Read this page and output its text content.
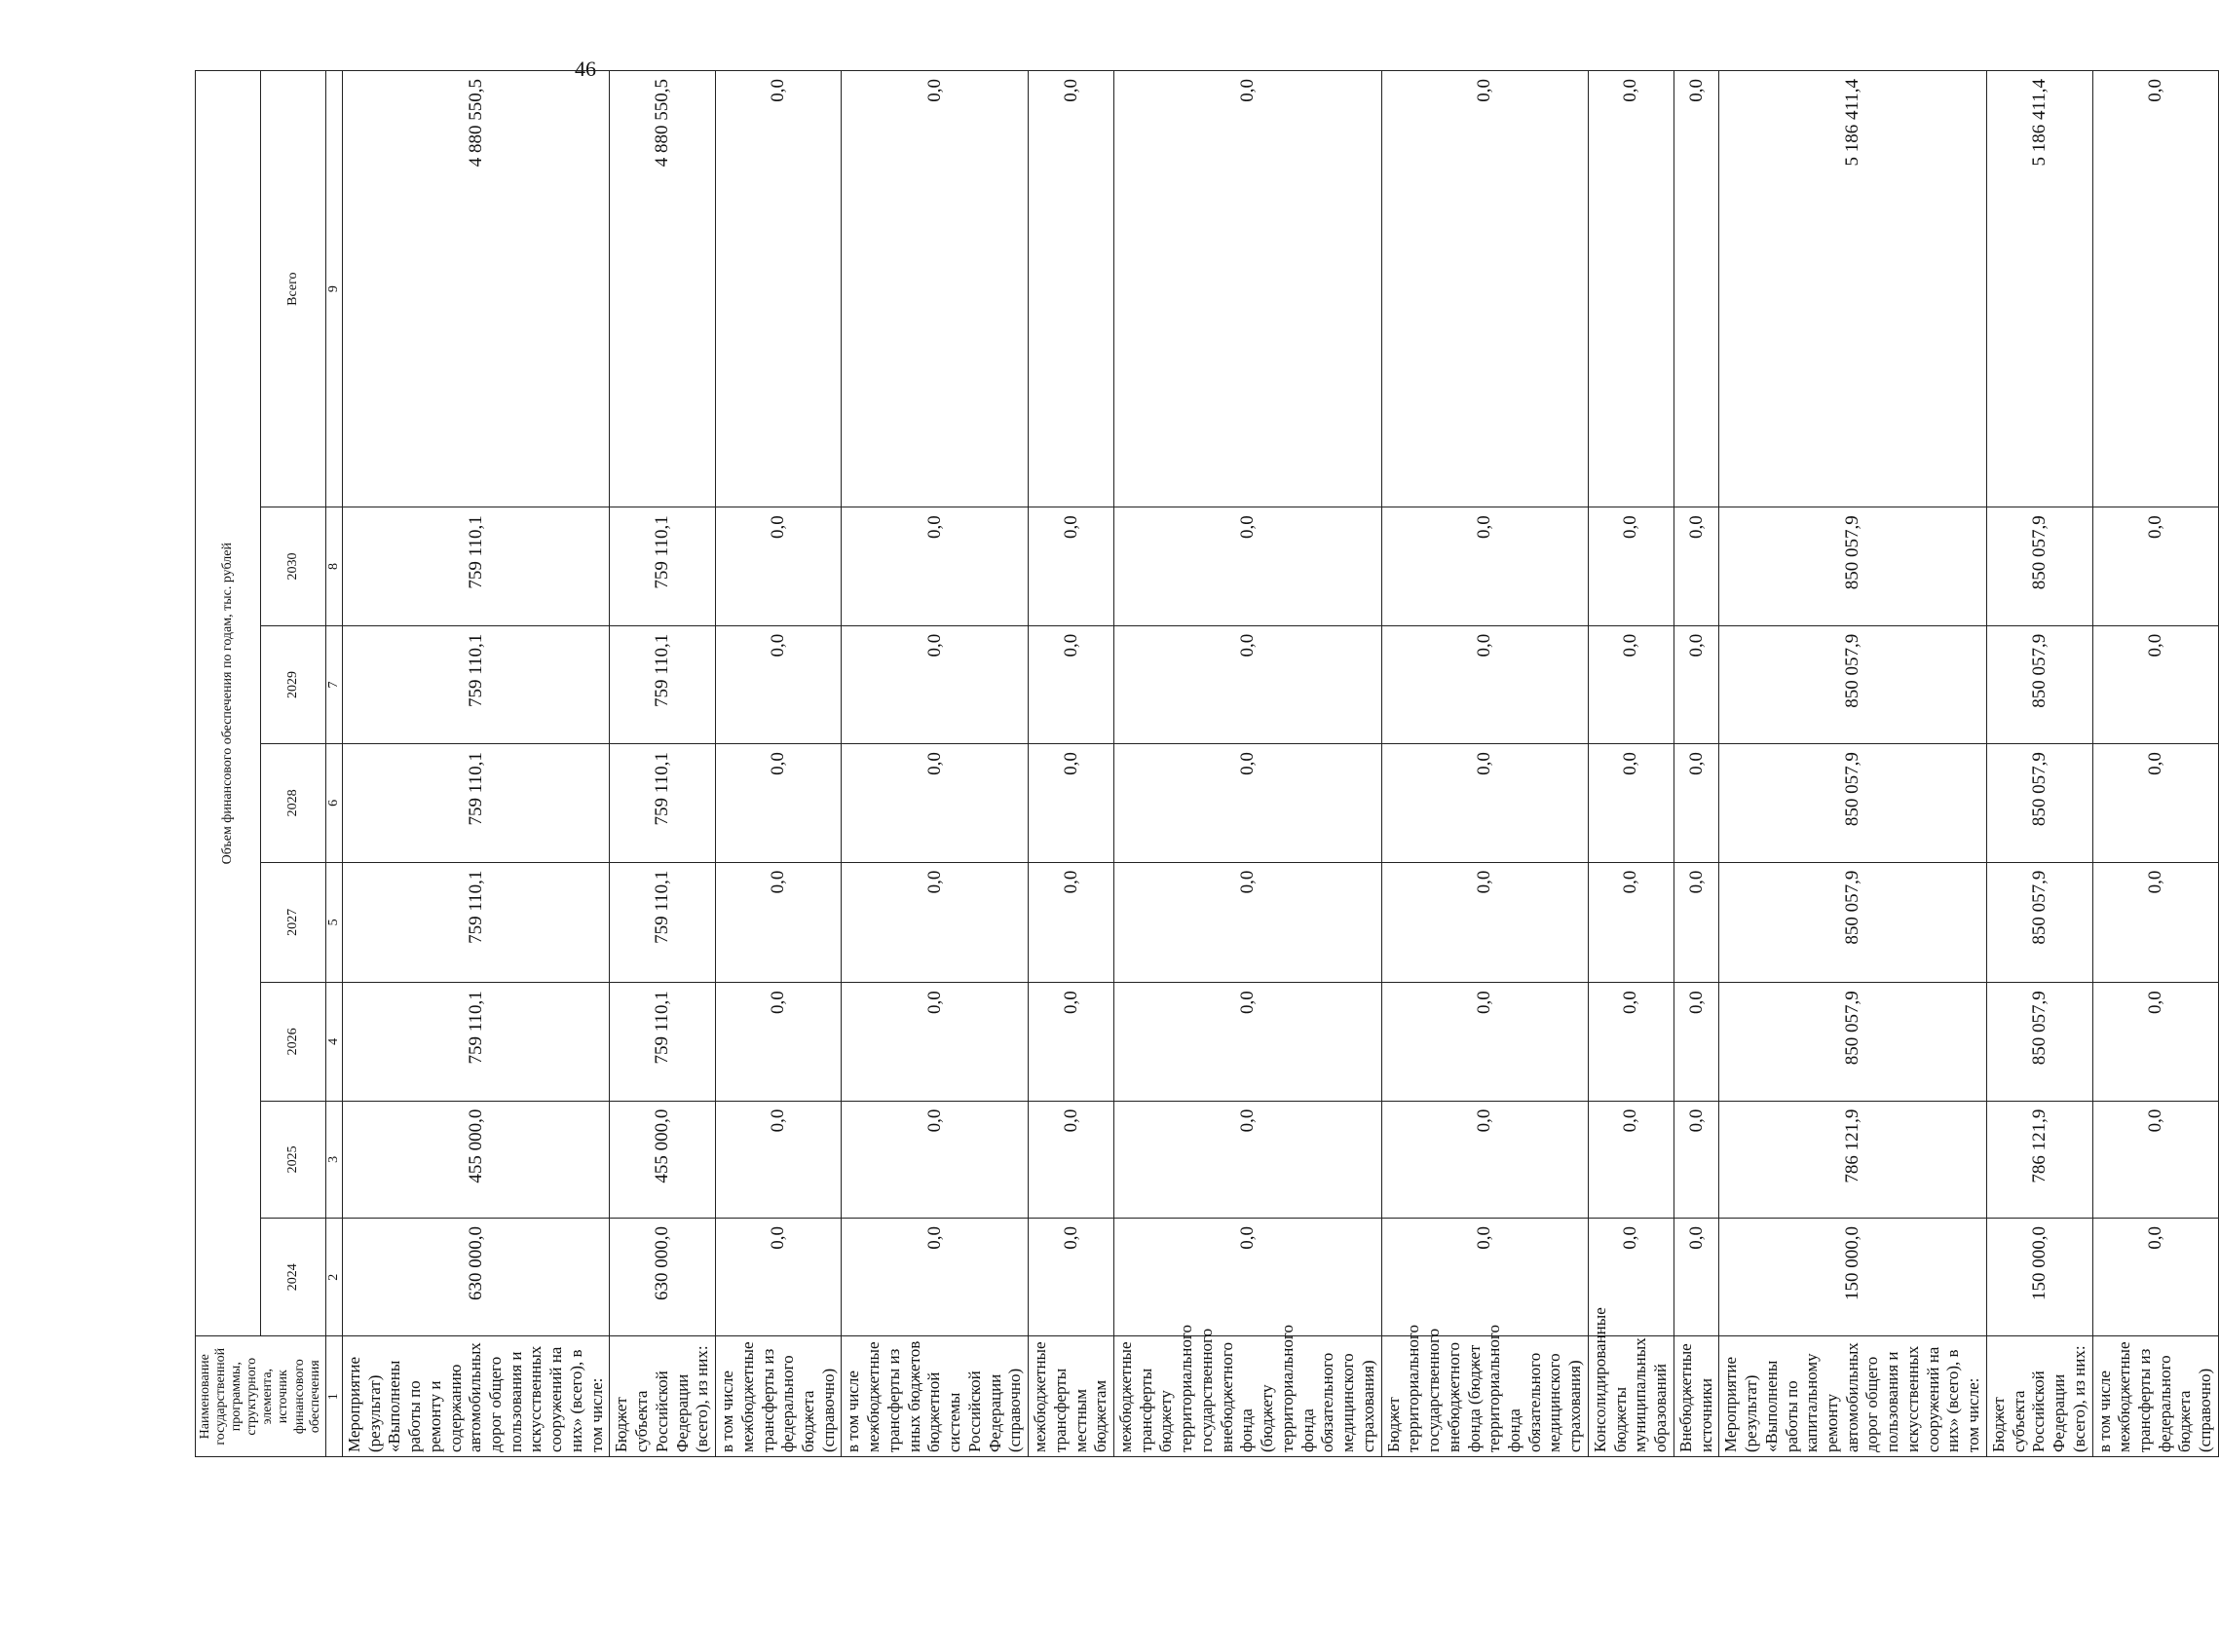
46
Наименование государственной программы, структурного элемента, источник финансового обеспечения	Объем финансового обеспечения по годам, тыс. рублей							
	2024	2025	2026	2027	2028	2029	2030	Всего
1	2	3	4	5	6	7	8	9
Мероприятие (результат) «Выполнены работы по ремонту и содержанию автомобильных дорог общего пользования и искусственных сооружений на них» (всего), в том числе:	630 000,0	455 000,0	759 110,1	759 110,1	759 110,1	759 110,1	759 110,1	4 880 550,5
Бюджет субъекта Российской Федерации (всего), из них:	630 000,0	455 000,0	759 110,1	759 110,1	759 110,1	759 110,1	759 110,1	4 880 550,5
в том числе межбюджетные трансферты из федерального бюджета (справочно)	0,0	0,0	0,0	0,0	0,0	0,0	0,0	0,0
в том числе межбюджетные трансферты из иных бюджетов бюджетной системы Российской Федерации (справочно)	0,0	0,0	0,0	0,0	0,0	0,0	0,0	0,0
межбюджетные трансферты местным бюджетам	0,0	0,0	0,0	0,0	0,0	0,0	0,0	0,0
межбюджетные трансферты бюджету территориального государственного внебюджетного фонда (бюджету территориального фонда обязательного медицинского страхования)	0,0	0,0	0,0	0,0	0,0	0,0	0,0	0,0
Бюджет территориального государственного внебюджетного фонда (бюджет территориального фонда обязательного медицинского страхования)	0,0	0,0	0,0	0,0	0,0	0,0	0,0	0,0
Консолидированные бюджеты муниципальных образований	0,0	0,0	0,0	0,0	0,0	0,0	0,0	0,0
Внебюджетные источники	0,0	0,0	0,0	0,0	0,0	0,0	0,0	0,0
Мероприятие (результат) «Выполнены работы по капитальному ремонту автомобильных дорог общего пользования и искусственных сооружений на них» (всего), в том числе:	150 000,0	786 121,9	850 057,9	850 057,9	850 057,9	850 057,9	850 057,9	5 186 411,4
Бюджет субъекта Российской Федерации (всего), из них:	150 000,0	786 121,9	850 057,9	850 057,9	850 057,9	850 057,9	850 057,9	5 186 411,4
в том числе межбюджетные трансферты из федерального бюджета (справочно)	0,0	0,0	0,0	0,0	0,0	0,0	0,0	0,0
